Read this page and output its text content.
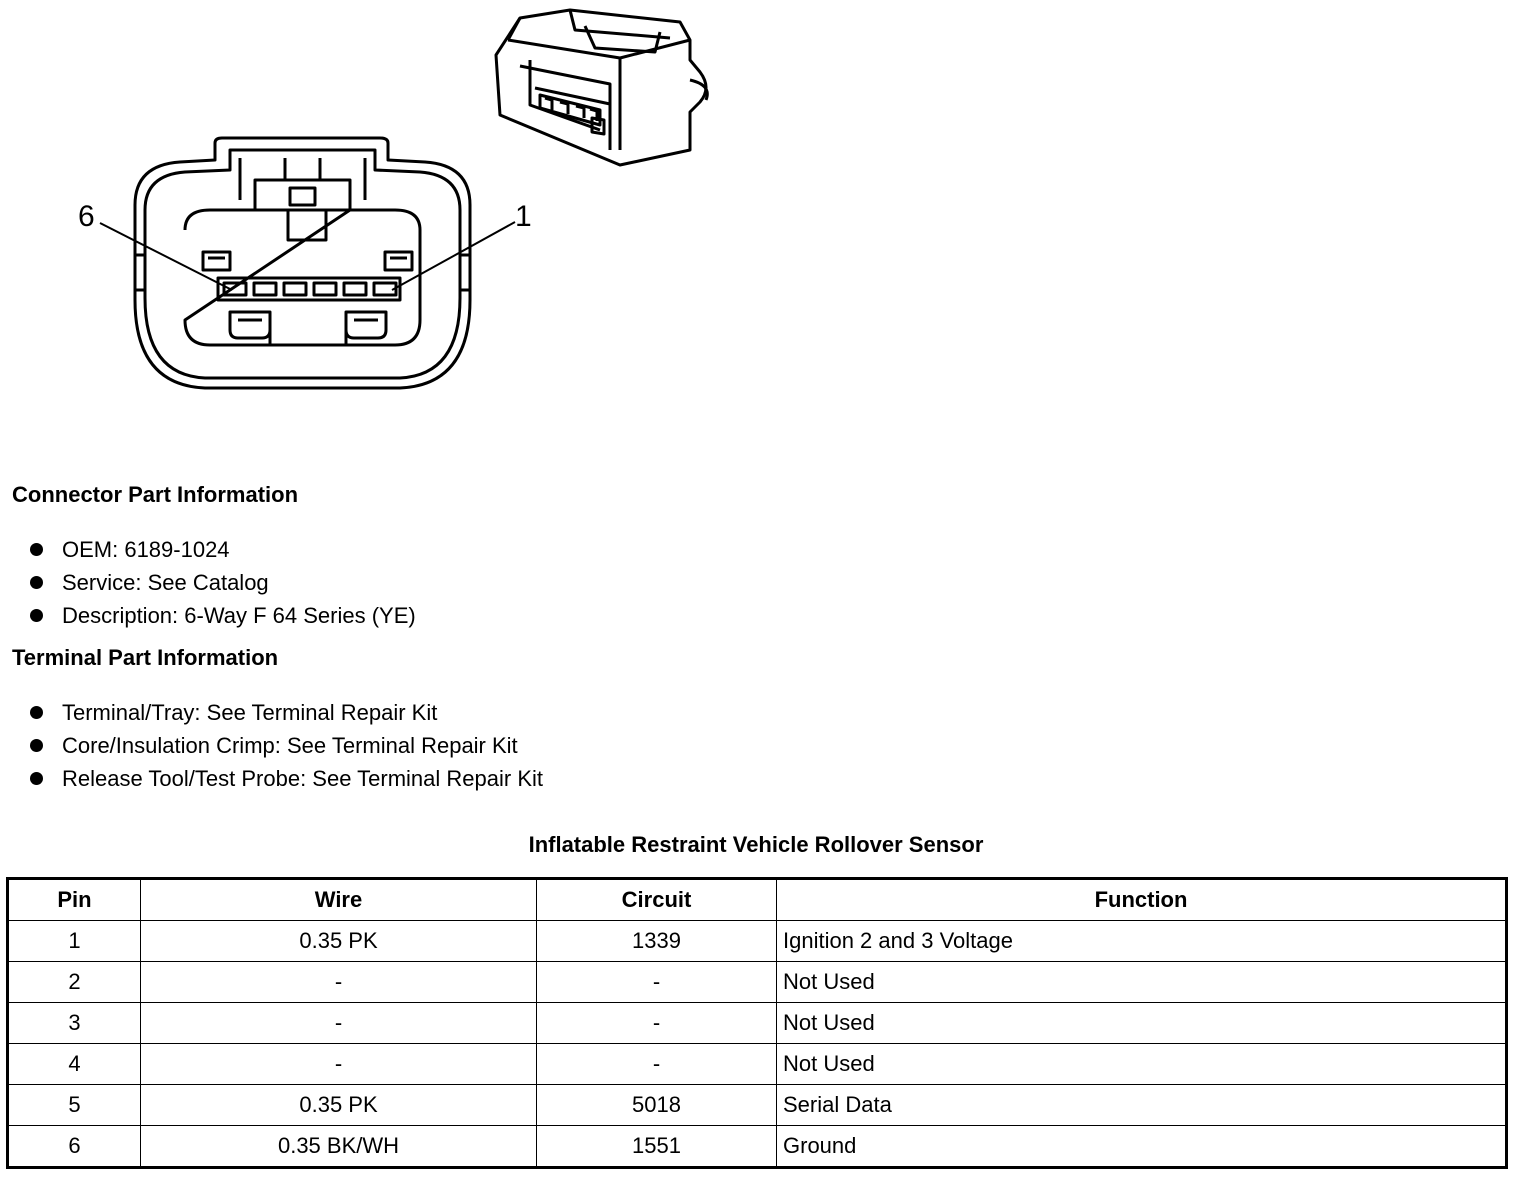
6	1
Connector Part Information
OEM: 6189-1024
Service: See Catalog
Description: 6-Way F 64 Series (YE)
Terminal Part Information
Terminal/Tray: See Terminal Repair Kit
Core/Insulation Crimp: See Terminal Repair Kit
Release Tool/Test Probe: See Terminal Repair Kit
Inflatable Restraint Vehicle Rollover Sensor
Pin	Wire	Circuit	Function
1	0.35 PK	1339	Ignition 2 and 3 Voltage
2	-	-	Not Used
3	-	-	Not Used
4	-	-	Not Used
5	0.35 PK	5018	Serial Data
6	0.35 BK/WH	1551	Ground
